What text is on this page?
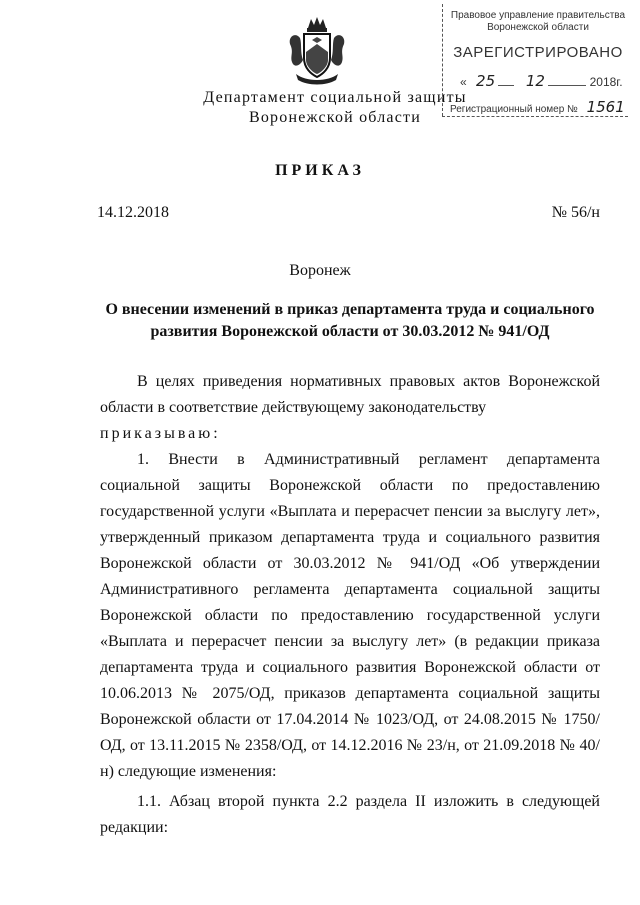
Департамент социальной защиты
Воронежской области
Правовое управление правительства
Воронежской области
ЗАРЕГИСТРИРОВАНО
« 25 12	2018г.
Регистрационный номер № 1561
ПРИКАЗ
14.12.2018	№ 56/н
Воронеж
О внесении изменений в приказ департамента труда и социального развития Воронежской области от 30.03.2012 № 941/ОД

В целях приведения нормативных правовых актов Воронежской области в соответствие действующему законодательству

приказываю:

1. Внести в Административный регламент департамента социальной защиты Воронежской области по предоставлению государственной услуги «Выплата и перерасчет пенсии за выслугу лет», утвержденный приказом департамента труда и социального развития Воронежской области от 30.03.2012 № 941/ОД «Об утверждении Административного регламента департамента социальной защиты Воронежской области по предоставлению государственной услуги «Выплата и перерасчет пенсии за выслугу лет» (в редакции приказа департамента труда и социального развития Воронежской области от 10.06.2013 № 2075/ОД, приказов департамента социальной защиты Воронежской области от 17.04.2014 № 1023/ОД, от 24.08.2015 № 1750/ОД, от 13.11.2015 № 2358/ОД, от 14.12.2016 № 23/н, от 21.09.2018 № 40/н) следующие изменения:

1.1. Абзац второй пункта 2.2 раздела II изложить в следующей редакции:
